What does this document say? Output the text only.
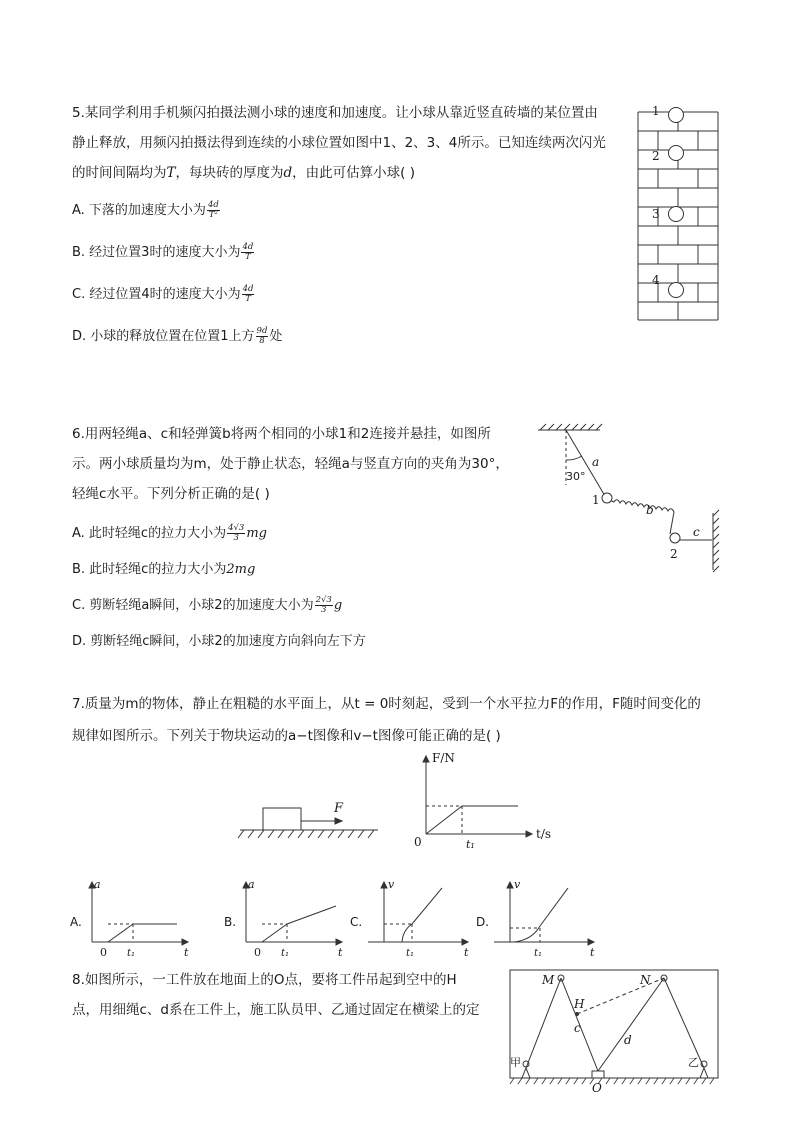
5.某同学利用手机频闪拍摄法测小球的速度和加速度。让小球从靠近竖直砖墙的某位置由
静止释放，用频闪拍摄法得到连续的小球位置如图中1、2、3、4所示。已知连续两次闪光
的时间间隔均为T，每块砖的厚度为d，由此可估算小球( )
A. 下落的加速度大小为 $\frac{4d}{\text{T²}}$
B. 经过位置3时的速度大小为 $\frac{4d}{T}$
C. 经过位置4时的速度大小为 $\frac{4d}{T}$
D. 小球的释放位置在位置1上方 $\frac{9d}{8}$ 处
1
2
3
4
6.用两轻绳a、c和轻弹簧b将两个相同的小球1和2连接并悬挂，如图所
示。两小球质量均为m，处于静止状态，轻绳a与竖直方向的夹角为30°，
轻绳c水平。下列分析正确的是( )
A. 此时轻绳c的拉力大小为 $\frac{4√3}{3}$ mg
B. 此时轻绳c的拉力大小为2mg
C. 剪断轻绳a瞬间，小球2的加速度大小为 $\frac{2√3}{3}$ g
D. 剪断轻绳c瞬间，小球2的加速度方向斜向左下方
30°
a
b
c
1
2
7.质量为m的物体，静止在粗糙的水平面上，从t = 0时刻起，受到一个水平拉力F的作用，F随时间变化的
规律如图所示。下列关于物块运动的a−t图像和v−t图像可能正确的是( )
F
F/N
t/s
0	t₁
A.
a
t
0 t₁
B.
a
t
0 t₁
C.
v
t
t₁
D.
v
t
t₁
8.如图所示，一工件放在地面上的O点，要将工件吊起到空中的H
点，用细绳c、d系在工件上，施工队员甲、乙通过固定在横梁上的定
M	N
H
c
d
O
甲	乙
